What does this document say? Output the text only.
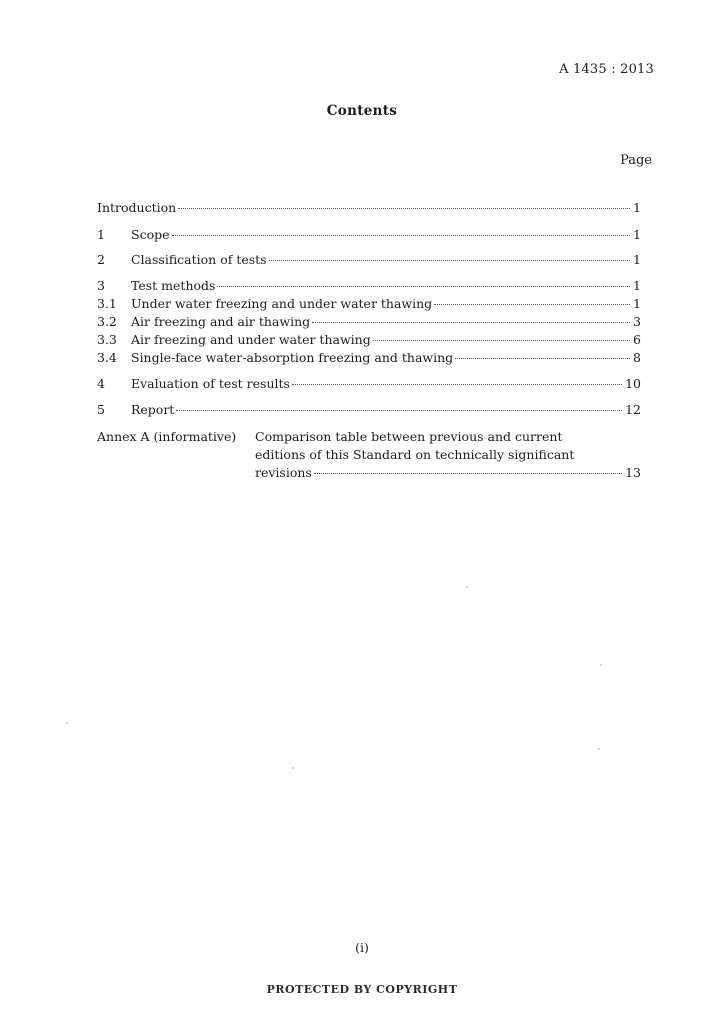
A 1435 : 2013
Contents
Page
Introduction	1
1	Scope	1
2	Classification of tests	1
3	Test methods	1
3.1	Under water freezing and under water thawing	1
3.2	Air freezing and air thawing	3
3.3	Air freezing and under water thawing	6
3.4	Single-face water-absorption freezing and thawing	8
4	Evaluation of test results	10
5	Report	12
Annex A (informative) Comparison table between previous and current
editions of this Standard on technically significant
revisions	13
(i)
PROTECTED BY COPYRIGHT
